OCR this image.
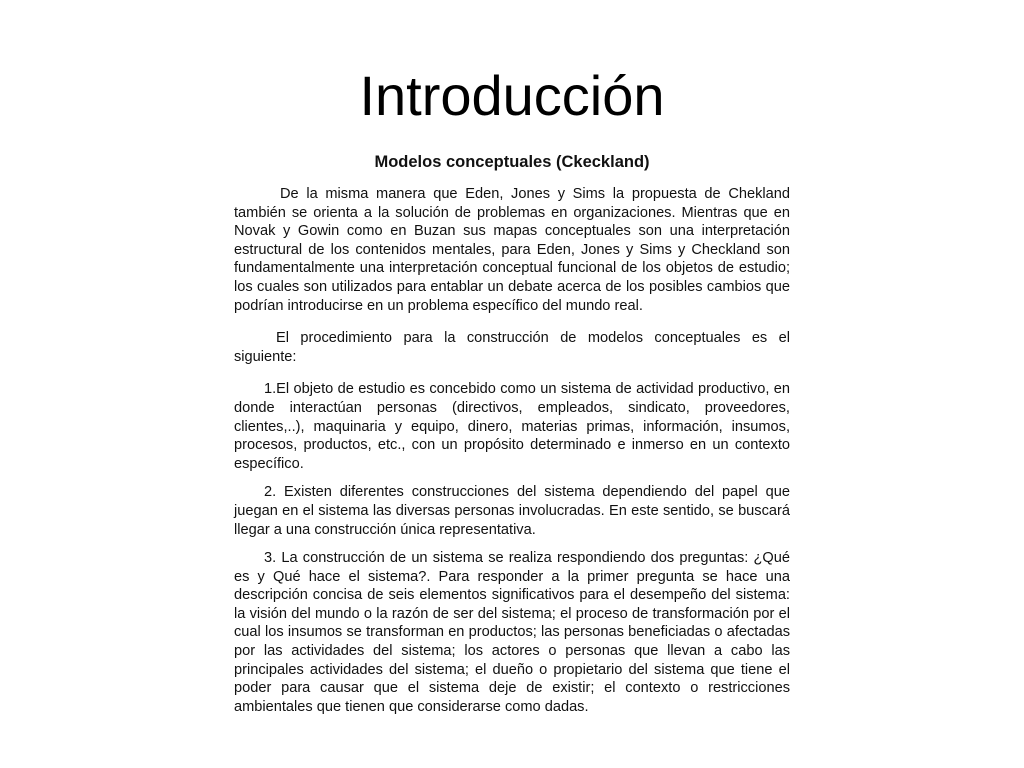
Introducción
Modelos conceptuales (Ckeckland)

De la misma manera que Eden, Jones y Sims la propuesta de Chekland también se orienta a la solución de problemas en organizaciones. Mientras que en Novak y Gowin como en Buzan sus mapas conceptuales son una interpretación estructural de los contenidos mentales, para Eden, Jones y Sims y Checkland son fundamentalmente una interpretación conceptual funcional de los objetos de estudio; los cuales son utilizados para entablar un debate acerca de los posibles cambios que podrían introducirse en un problema específico del mundo real.

El procedimiento para la construcción de modelos conceptuales es el siguiente:

1.El objeto de estudio es concebido como un sistema de actividad productivo, en donde interactúan personas (directivos, empleados, sindicato, proveedores, clientes,..), maquinaria y equipo, dinero, materias primas, información, insumos, procesos, productos, etc., con un propósito determinado e inmerso en un contexto específico.

2. Existen diferentes construcciones del sistema dependiendo del papel que juegan en el sistema las diversas personas involucradas. En este sentido, se buscará llegar a una construcción única representativa.

3. La construcción de un sistema se realiza respondiendo dos preguntas: ¿Qué es y Qué hace el sistema?. Para responder a la primer pregunta se hace una descripción concisa de seis elementos significativos para el desempeño del sistema: la visión del mundo o la razón de ser del sistema; el proceso de transformación por el cual los insumos se transforman en productos; las personas beneficiadas o afectadas por las actividades del sistema; los actores o personas que llevan a cabo las principales actividades del sistema; el dueño o propietario del sistema que tiene el poder para causar que el sistema deje de existir; el contexto o restricciones ambientales que tienen que considerarse como dadas.
